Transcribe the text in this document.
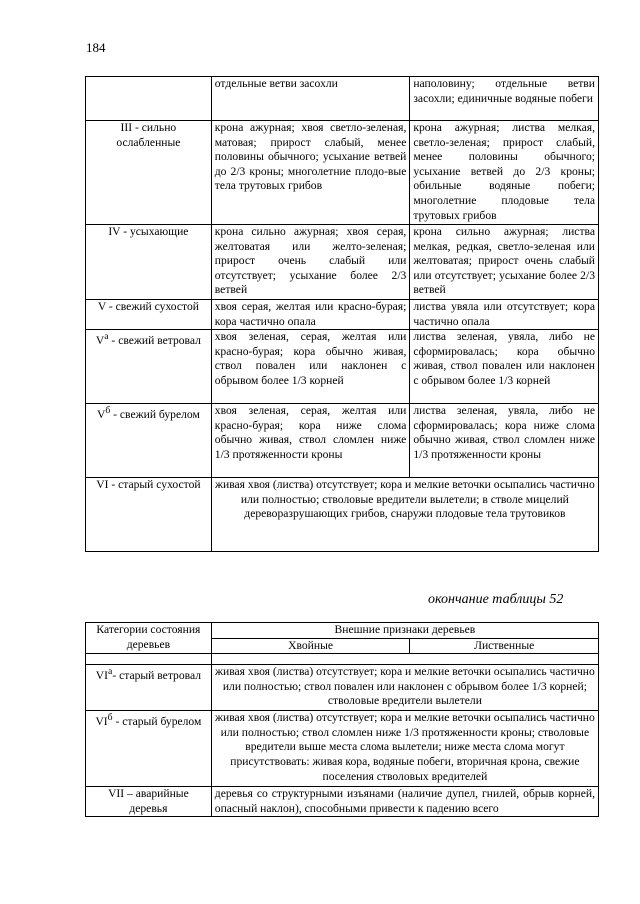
184
	отдельные ветви засохли	наполовину; отдельные ветви засохли; единичные водяные побеги
III - сильно ослабленные	крона ажурная; хвоя светло-зеленая, матовая; прирост слабый, менее половины обычного; усыхание ветвей до 2/3 кроны; многолетние плодо-вые тела трутовых грибов	крона ажурная; листва мелкая, светло-зеленая; прирост слабый, менее половины обычного; усыхание ветвей до 2/3 кроны; обильные водяные побеги; многолетние плодовые тела трутовых грибов
IV - усыхающие	крона сильно ажурная; хвоя серая, желтоватая или желто-зеленая; прирост очень слабый или отсутствует; усыхание более 2/3 ветвей	крона сильно ажурная; листва мелкая, редкая, светло-зеленая или желтоватая; прирост очень слабый или отсутствует; усыхание более 2/3 ветвей
V - свежий сухостой	хвоя серая, желтая или красно-бурая; кора частично опала	листва увяла или отсутствует; кора частично опала
$V^а$ - свежий ветровал	хвоя зеленая, серая, желтая или красно-бурая; кора обычно живая, ствол повален или наклонен с обрывом более 1/3 корней	листва зеленая, увяла, либо не сформировалась; кора обычно живая, ствол повален или наклонен с обрывом более 1/3 корней
$V^б$ - свежий бурелом	хвоя зеленая, серая, желтая или красно-бурая; кора ниже слома обычно живая, ствол сломлен ниже 1/3 протяженности кроны	листва зеленая, увяла, либо не сформировалась; кора ниже слома обычно живая, ствол сломлен ниже 1/3 протяженности кроны
VI - старый сухостой	живая хвоя (листва) отсутствует; кора и мелкие веточки осыпались частично или полностью; стволовые вредители вылетели; в стволе мицелий дереворазрушающих грибов, снаружи плодовые тела трутовиков	
окончание таблицы 52
Категории состояния деревьев	Внешние признаки деревьев	
	Хвойные	Лиственные

$VI^а-$ старый ветровал	живая хвоя (листва) отсутствует; кора и мелкие веточки осыпались частично или полностью; ствол повален или наклонен с обрывом более 1/3 корней; стволовые вредители вылетели	
$VI^б$ - старый бурелом	живая хвоя (листва) отсутствует; кора и мелкие веточки осыпались частично или полностью; ствол сломлен ниже 1/3 протяженности кроны; стволовые вредители выше места слома вылетели; ниже места слома могут присутствовать: живая кора, водяные побеги, вторичная крона, свежие поселения стволовых вредителей	
VII – аварийные деревья	деревья со структурными изъянами (наличие дупел, гнилей, обрыв корней, опасный наклон), способными привести к падению всего	
